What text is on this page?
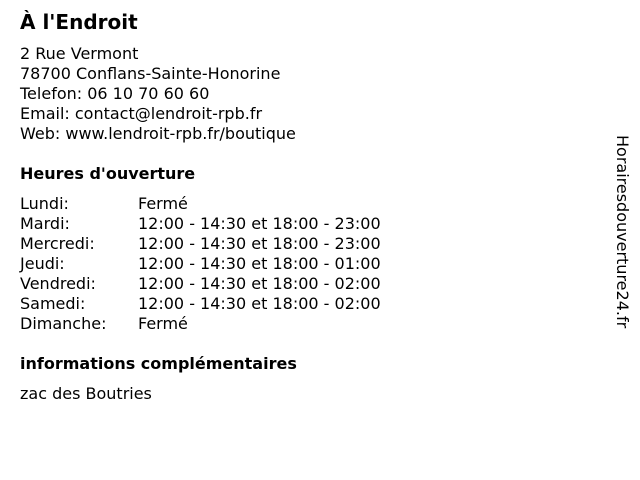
À l'Endroit
2 Rue Vermont
78700 Conflans-Sainte-Honorine
Telefon: 06 10 70 60 60
Email: contact@lendroit-rpb.fr
Web: www.lendroit-rpb.fr/boutique
Heures d'ouverture
Lundi:	Fermé
Mardi:	12:00 - 14:30 et 18:00 - 23:00
Mercredi:	12:00 - 14:30 et 18:00 - 23:00
Jeudi:	12:00 - 14:30 et 18:00 - 01:00
Vendredi:	12:00 - 14:30 et 18:00 - 02:00
Samedi:	12:00 - 14:30 et 18:00 - 02:00
Dimanche:	Fermé
informations complémentaires
zac des Boutries
Horairesdouverture24.fr
